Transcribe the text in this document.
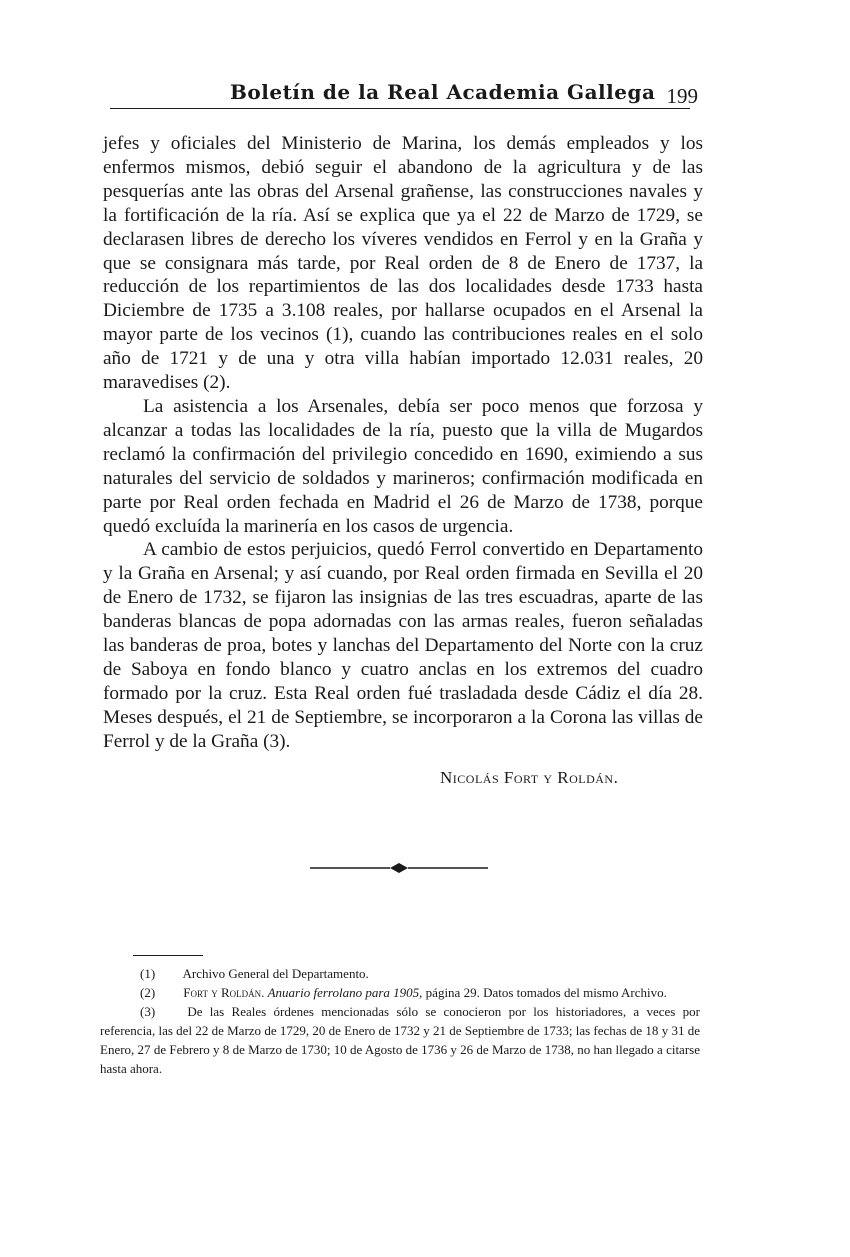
Boletín de la Real Academia Gallega 199

jefes y oficiales del Ministerio de Marina, los demás empleados y los enfermos mismos, debió seguir el abandono de la agricultura y de las pesquerías ante las obras del Arsenal grañense, las construcciones navales y la fortificación de la ría. Así se explica que ya el 22 de Marzo de 1729, se declarasen libres de derecho los víveres vendidos en Ferrol y en la Graña y que se consignara más tarde, por Real orden de 8 de Enero de 1737, la reducción de los repartimientos de las dos localidades desde 1733 hasta Diciembre de 1735 a 3.108 reales, por hallarse ocupados en el Arsenal la mayor parte de los vecinos (1), cuando las contribuciones reales en el solo año de 1721 y de una y otra villa habían importado 12.031 reales, 20 maravedises (2).

La asistencia a los Arsenales, debía ser poco menos que forzosa y alcanzar a todas las localidades de la ría, puesto que la villa de Mugardos reclamó la confirmación del privilegio concedido en 1690, eximiendo a sus naturales del servicio de soldados y marineros; confirmación modificada en parte por Real orden fechada en Madrid el 26 de Marzo de 1738, porque quedó excluída la marinería en los casos de urgencia.

A cambio de estos perjuicios, quedó Ferrol convertido en Departamento y la Graña en Arsenal; y así cuando, por Real orden firmada en Sevilla el 20 de Enero de 1732, se fijaron las insignias de las tres escuadras, aparte de las banderas blancas de popa adornadas con las armas reales, fueron señaladas las banderas de proa, botes y lanchas del Departamento del Norte con la cruz de Saboya en fondo blanco y cuatro anclas en los extremos del cuadro formado por la cruz. Esta Real orden fué trasladada desde Cádiz el día 28. Meses después, el 21 de Septiembre, se incorporaron a la Corona las villas de Ferrol y de la Graña (3).

Nicolás Fort y Roldán.

(1) Archivo General del Departamento.

(2) Fort y Roldán. Anuario ferrolano para 1905, página 29. Datos tomados del mismo Archivo.

(3) De las Reales órdenes mencionadas sólo se conocieron por los historiadores, a veces por referencia, las del 22 de Marzo de 1729, 20 de Enero de 1732 y 21 de Septiembre de 1733; las fechas de 18 y 31 de Enero, 27 de Febrero y 8 de Marzo de 1730; 10 de Agosto de 1736 y 26 de Marzo de 1738, no han llegado a citarse hasta ahora.
